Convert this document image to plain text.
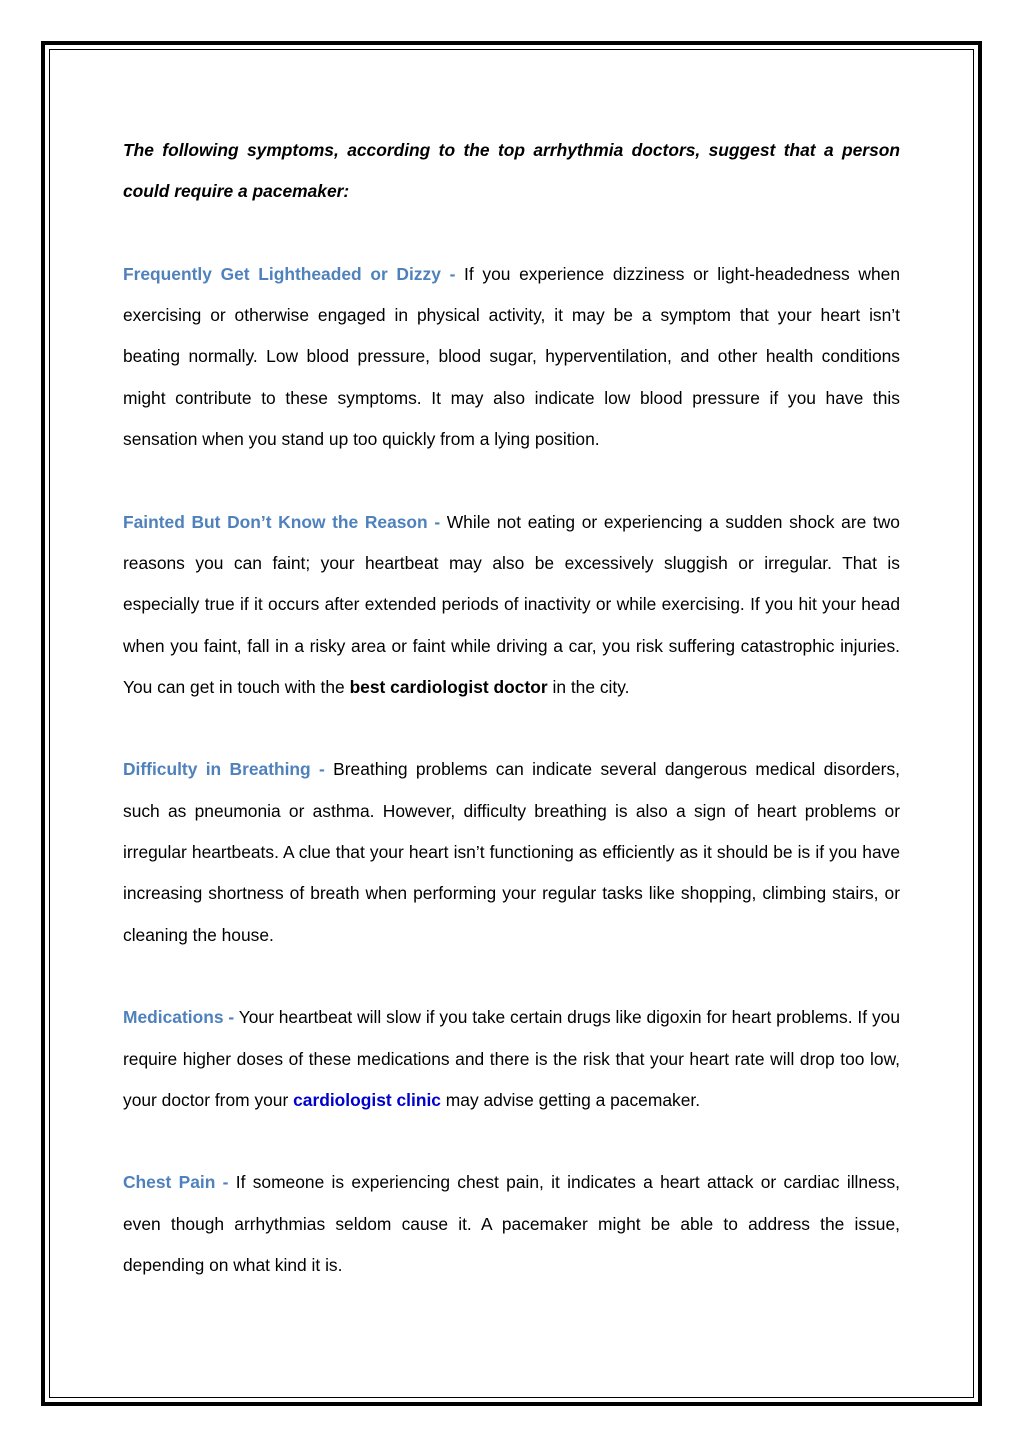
The following symptoms, according to the top arrhythmia doctors, suggest that a person could require a pacemaker:

Frequently Get Lightheaded or Dizzy - If you experience dizziness or light-headedness when exercising or otherwise engaged in physical activity, it may be a symptom that your heart isn’t beating normally. Low blood pressure, blood sugar, hyperventilation, and other health conditions might contribute to these symptoms. It may also indicate low blood pressure if you have this sensation when you stand up too quickly from a lying position.

Fainted But Don’t Know the Reason - While not eating or experiencing a sudden shock are two reasons you can faint; your heartbeat may also be excessively sluggish or irregular. That is especially true if it occurs after extended periods of inactivity or while exercising. If you hit your head when you faint, fall in a risky area or faint while driving a car, you risk suffering catastrophic injuries. You can get in touch with the best cardiologist doctor in the city.

Difficulty in Breathing - Breathing problems can indicate several dangerous medical disorders, such as pneumonia or asthma. However, difficulty breathing is also a sign of heart problems or irregular heartbeats. A clue that your heart isn’t functioning as efficiently as it should be is if you have increasing shortness of breath when performing your regular tasks like shopping, climbing stairs, or cleaning the house.

Medications - Your heartbeat will slow if you take certain drugs like digoxin for heart problems. If you require higher doses of these medications and there is the risk that your heart rate will drop too low, your doctor from your cardiologist clinic may advise getting a pacemaker.

Chest Pain - If someone is experiencing chest pain, it indicates a heart attack or cardiac illness, even though arrhythmias seldom cause it. A pacemaker might be able to address the issue, depending on what kind it is.
